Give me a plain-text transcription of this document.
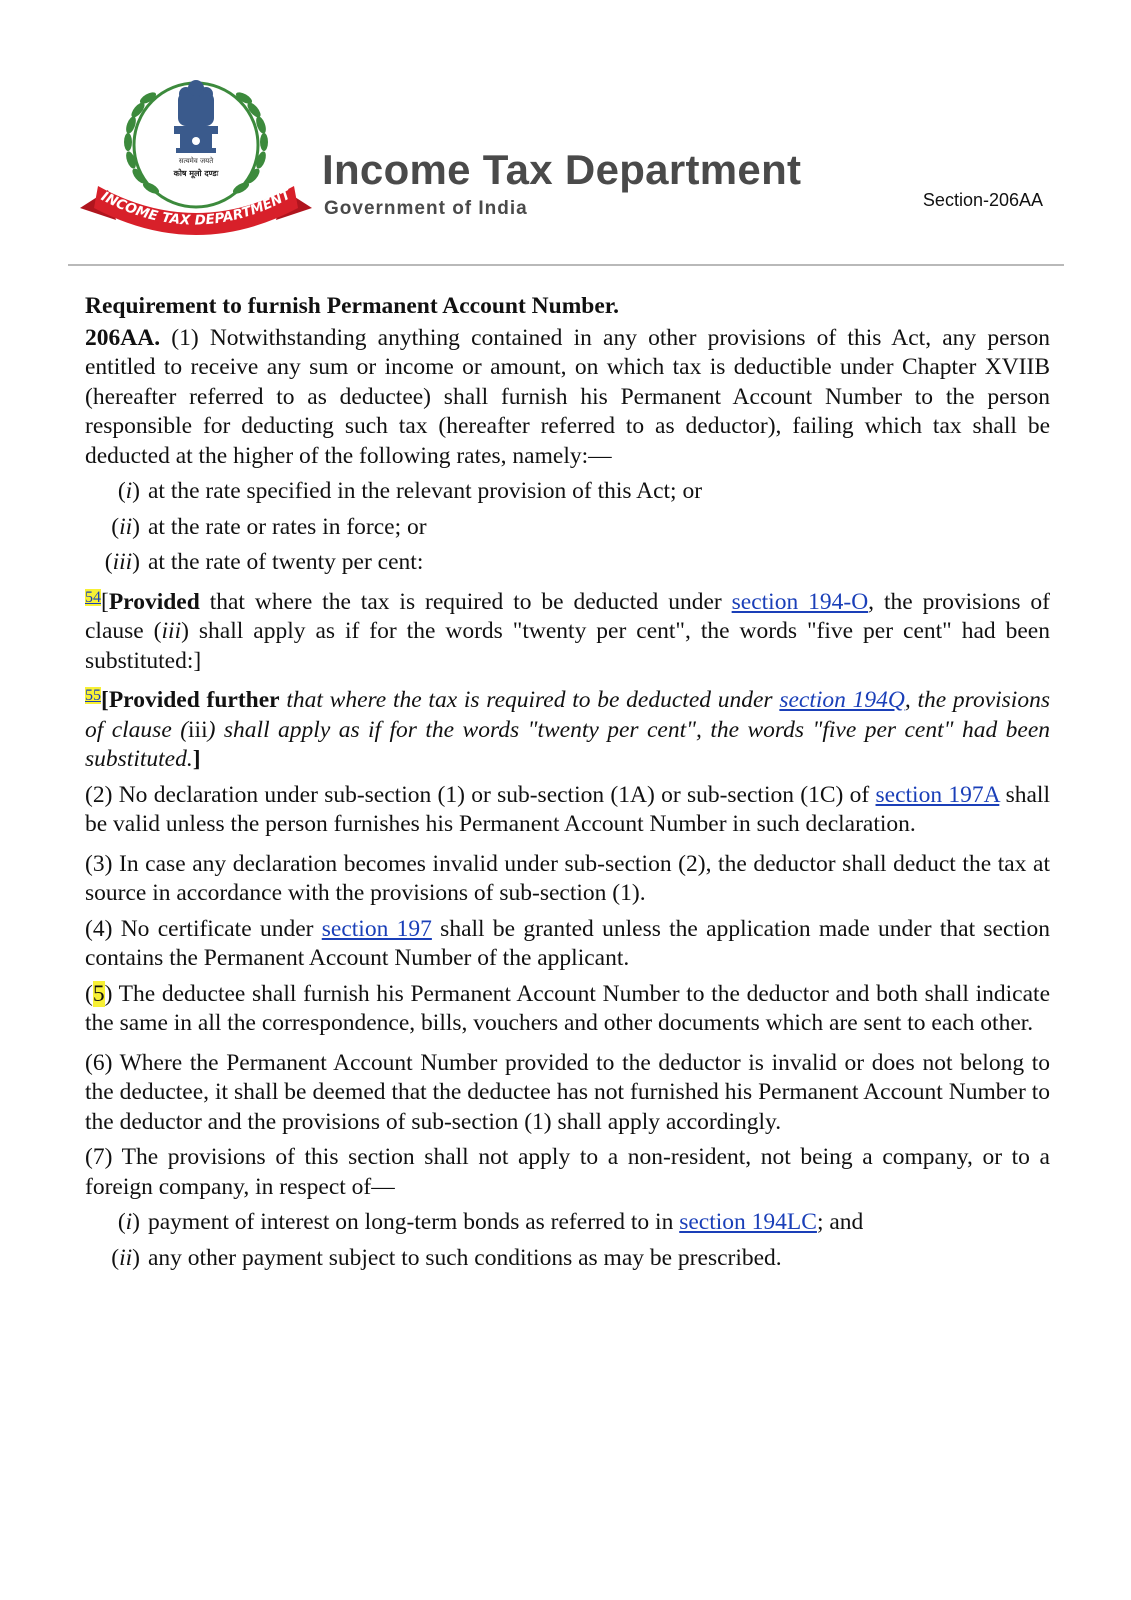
सत्यमेव जयते
कोष मूलो दण्डः
INCOME TAX DEPARTMENT
Income Tax Department
Government of India	Section-206AA
Requirement to furnish Permanent Account Number.

206AA. (1) Notwithstanding anything contained in any other provisions of this Act, any person entitled to receive any sum or income or amount, on which tax is deductible under Chapter XVIIB (hereafter referred to as deductee) shall furnish his Permanent Account Number to the person responsible for deducting such tax (hereafter referred to as deductor), failing which tax shall be deducted at the higher of the following rates, namely:—

(i) at the rate specified in the relevant provision of this Act; or
(ii) at the rate or rates in force; or
(iii) at the rate of twenty per cent:

$^{54}$[Provided that where the tax is required to be deducted under section 194-O, the provisions of clause (iii) shall apply as if for the words "twenty per cent", the words "five per cent" had been substituted:]

$^{55}$[Provided further that where the tax is required to be deducted under section 194Q, the provisions of clause (iii) shall apply as if for the words "twenty per cent", the words "five per cent" had been substituted.]

(2) No declaration under sub-section (1) or sub-section (1A) or sub-section (1C) of section 197A shall be valid unless the person furnishes his Permanent Account Number in such declaration.

(3) In case any declaration becomes invalid under sub-section (2), the deductor shall deduct the tax at source in accordance with the provisions of sub-section (1).

(4) No certificate under section 197 shall be granted unless the application made under that section contains the Permanent Account Number of the applicant.

(5) The deductee shall furnish his Permanent Account Number to the deductor and both shall indicate the same in all the correspondence, bills, vouchers and other documents which are sent to each other.

(6) Where the Permanent Account Number provided to the deductor is invalid or does not belong to the deductee, it shall be deemed that the deductee has not furnished his Permanent Account Number to the deductor and the provisions of sub-section (1) shall apply accordingly.

(7) The provisions of this section shall not apply to a non-resident, not being a company, or to a foreign company, in respect of—

(i) payment of interest on long-term bonds as referred to in section 194LC; and
(ii) any other payment subject to such conditions as may be prescribed.
